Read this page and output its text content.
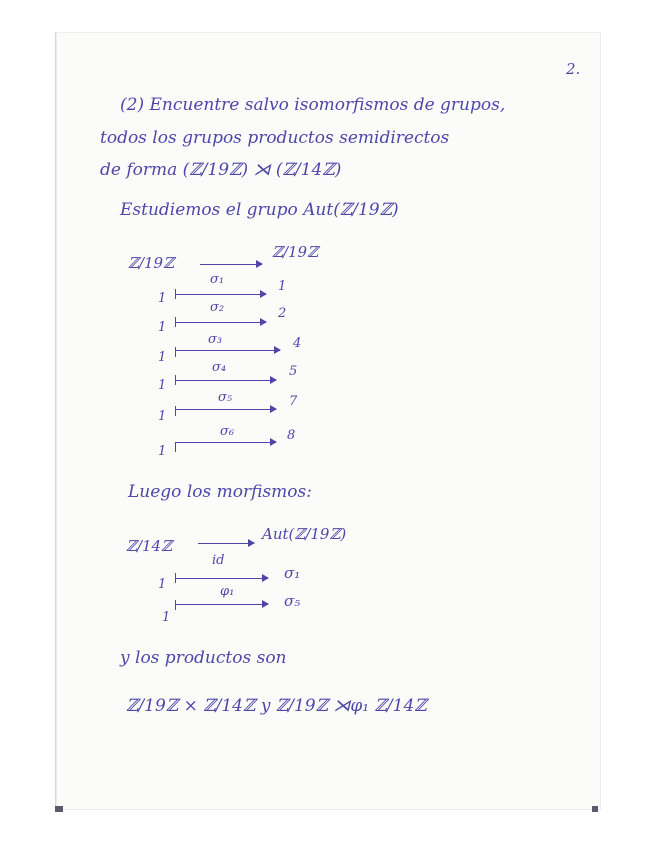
2.
(2) Encuentre salvo isomorfismos de grupos,
todos los grupos productos semidirectos
de forma (ℤ/19ℤ) ⋊ (ℤ/14ℤ)
Estudiemos el grupo Aut(ℤ/19ℤ)
ℤ/19ℤ
ℤ/19ℤ
σ₁
1
1
σ₂
1
2
σ₃
1
4
σ₄
1
5
σ₅
1
7
σ₆
1
8
Luego los morfismos:
ℤ/14ℤ
Aut(ℤ/19ℤ)
id
1
σ₁
φ₁
1
σ₅
y los productos son
ℤ/19ℤ × ℤ/14ℤ y ℤ/19ℤ ⋊φ₁ ℤ/14ℤ
